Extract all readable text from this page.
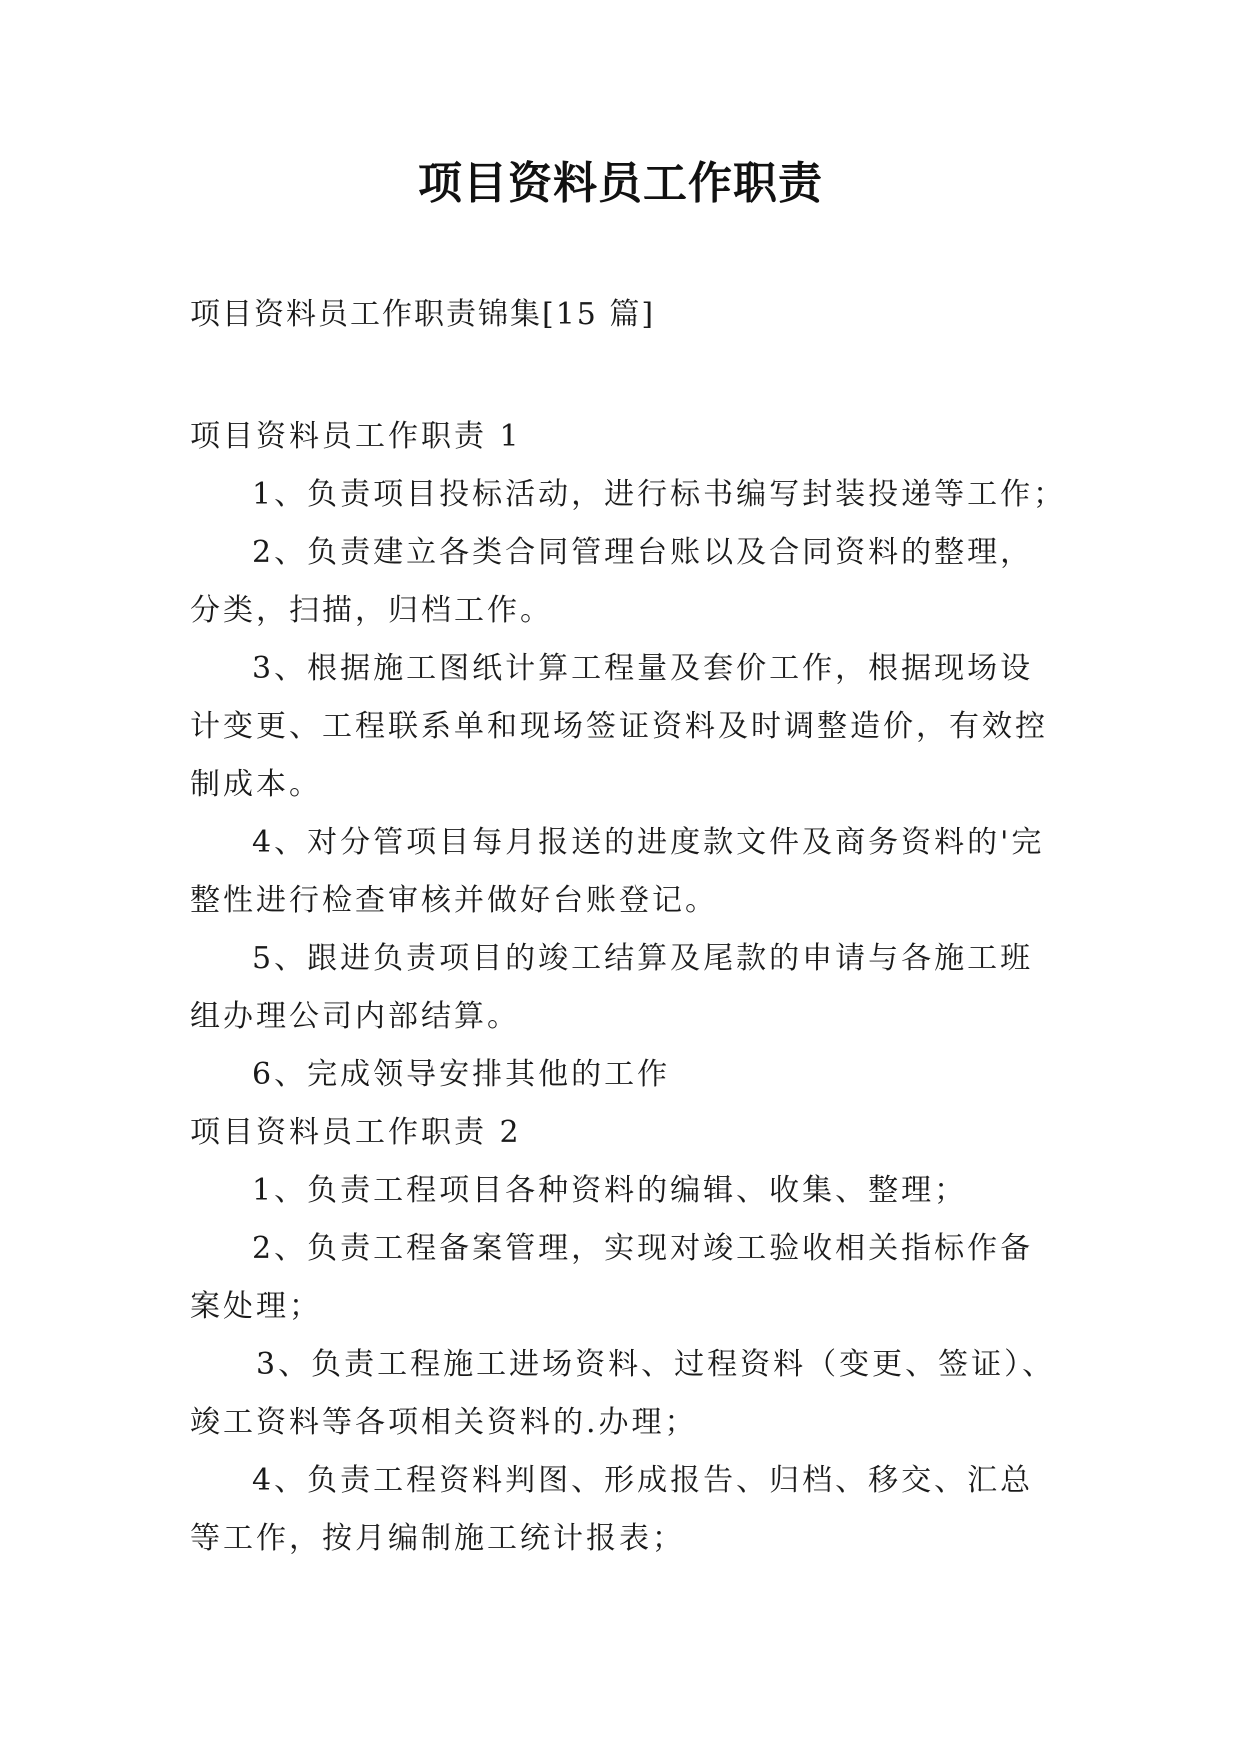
项目资料员工作职责
项目资料员工作职责锦集[15 篇]

项目资料员工作职责 1

1、负责项目投标活动，进行标书编写封装投递等工作；

2、负责建立各类合同管理台账以及合同资料的整理，

分类，扫描，归档工作。

3、根据施工图纸计算工程量及套价工作，根据现场设

计变更、工程联系单和现场签证资料及时调整造价，有效控

制成本。

4、对分管项目每月报送的进度款文件及商务资料的'完

整性进行检查审核并做好台账登记。

5、跟进负责项目的竣工结算及尾款的申请与各施工班

组办理公司内部结算。

6、完成领导安排其他的工作

项目资料员工作职责 2

1、负责工程项目各种资料的编辑、收集、整理；

2、负责工程备案管理，实现对竣工验收相关指标作备

案处理；

3、负责工程施工进场资料、过程资料（变更、签证）、

竣工资料等各项相关资料的.办理；

4、负责工程资料判图、形成报告、归档、移交、汇总

等工作，按月编制施工统计报表；
